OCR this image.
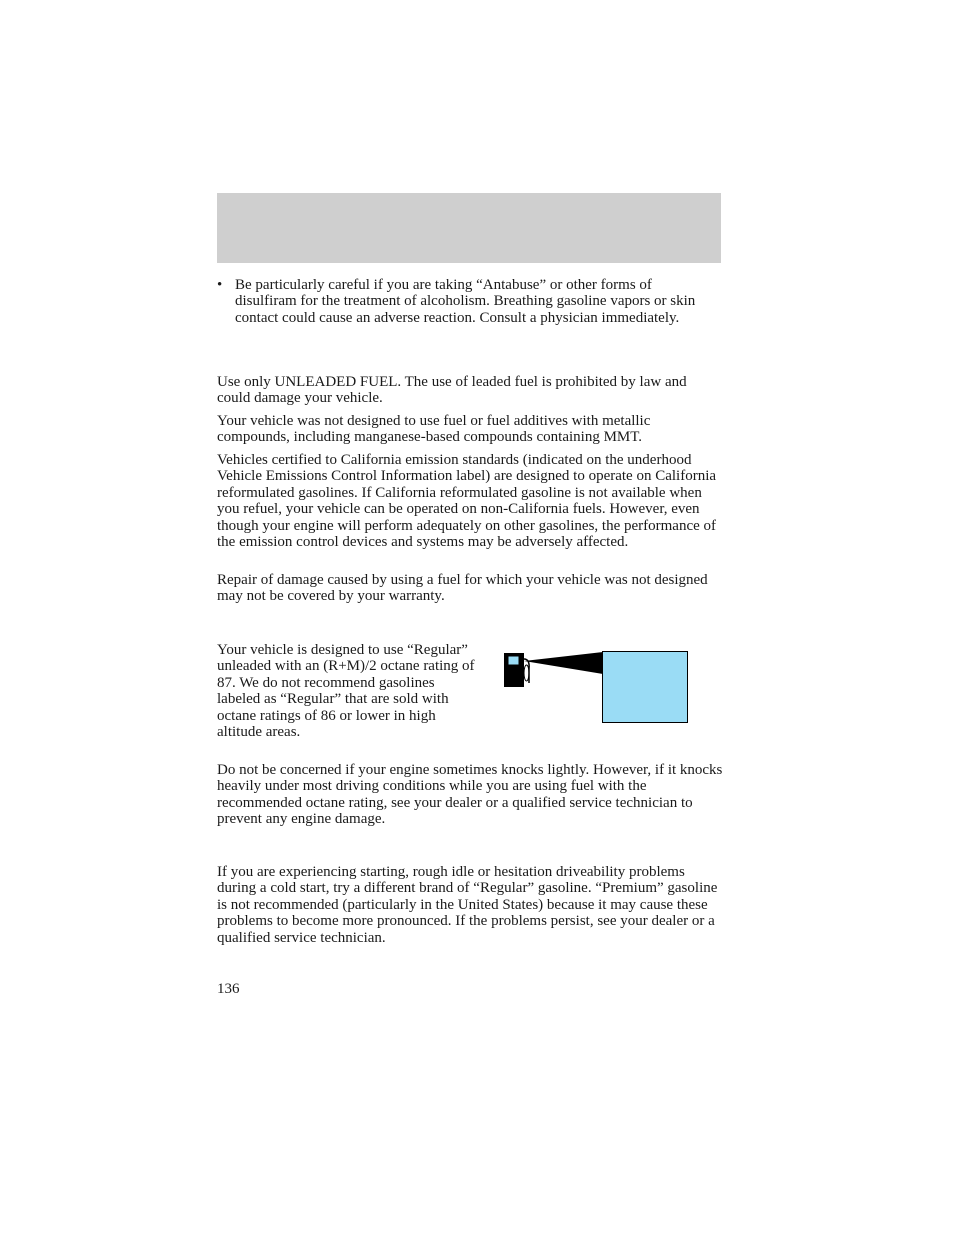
• Be particularly careful if you are taking “Antabuse” or other forms of disulfiram for the treatment of alcoholism. Breathing gasoline vapors or skin contact could cause an adverse reaction. Consult a physician immediately.

Use only UNLEADED FUEL. The use of leaded fuel is prohibited by law and could damage your vehicle.

Your vehicle was not designed to use fuel or fuel additives with metallic compounds, including manganese-based compounds containing MMT.

Vehicles certified to California emission standards (indicated on the underhood Vehicle Emissions Control Information label) are designed to operate on California reformulated gasolines. If California reformulated gasoline is not available when you refuel, your vehicle can be operated on non-California fuels. However, even though your engine will perform adequately on other gasolines, the performance of the emission control devices and systems may be adversely affected.

Repair of damage caused by using a fuel for which your vehicle was not designed may not be covered by your warranty.

Your vehicle is designed to use “Regular” unleaded with an (R+M)/2 octane rating of 87. We do not recommend gasolines labeled as “Regular” that are sold with octane ratings of 86 or lower in high altitude areas.

Do not be concerned if your engine sometimes knocks lightly. However, if it knocks heavily under most driving conditions while you are using fuel with the recommended octane rating, see your dealer or a qualified service technician to prevent any engine damage.

If you are experiencing starting, rough idle or hesitation driveability problems during a cold start, try a different brand of “Regular” gasoline. “Premium” gasoline is not recommended (particularly in the United States) because it may cause these problems to become more pronounced. If the problems persist, see your dealer or a qualified service technician.

136
